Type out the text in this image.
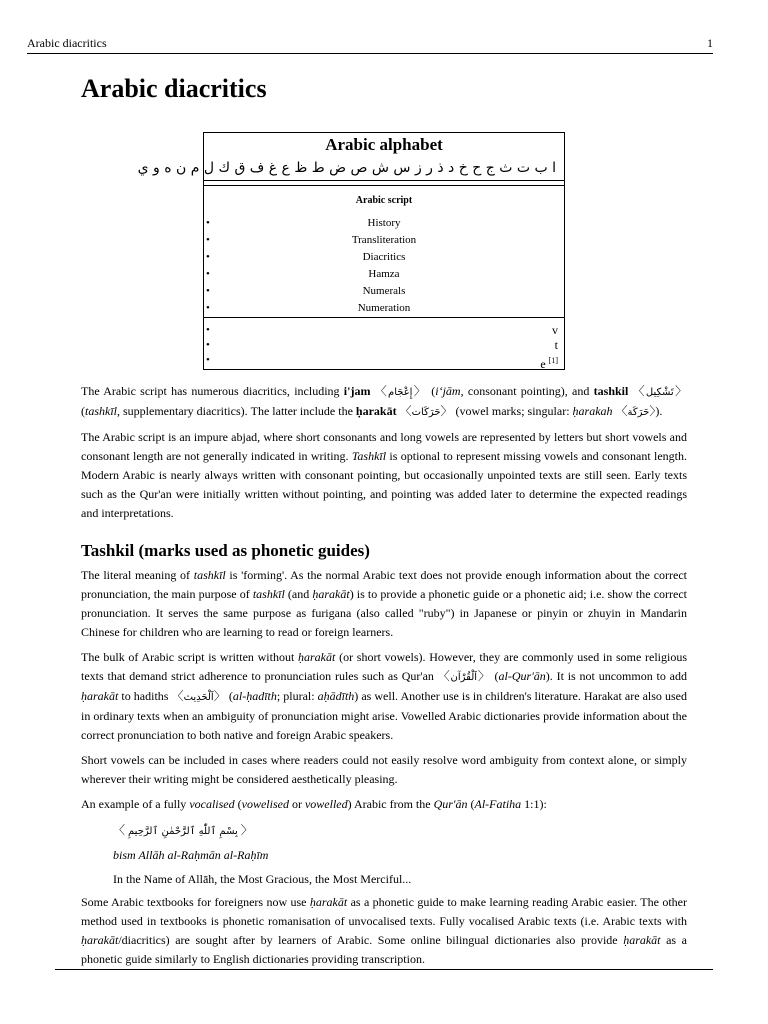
Arabic diacritics	1
Arabic diacritics
Arabic alphabet
ا ب ت ث ج ح خ د ذ ر ز س ش ص ض ط ظ ع غ ف ق ك ل م ن ه و ي
Arabic script
• History
• Transliteration
• Diacritics
• Hamza
• Numerals
• Numeration
• v
• t
• e [1]

The Arabic script has numerous diacritics, including i'jam 〈إِعْجَام〉 (i‘jām, consonant pointing), and tashkil 〈تَشْكِيل〉 (tashkīl, supplementary diacritics). The latter include the ḥarakāt 〈حَرَكَات〉 (vowel marks; singular: ḥarakah 〈حَرَكَة〉).

The Arabic script is an impure abjad, where short consonants and long vowels are represented by letters but short vowels and consonant length are not generally indicated in writing. Tashkīl is optional to represent missing vowels and consonant length. Modern Arabic is nearly always written with consonant pointing, but occasionally unpointed texts are still seen. Early texts such as the Qur'an were initially written without pointing, and pointing was added later to determine the expected readings and interpretations.

Tashkil (marks used as phonetic guides)

The literal meaning of tashkīl is 'forming'. As the normal Arabic text does not provide enough information about the correct pronunciation, the main purpose of tashkīl (and ḥarakāt) is to provide a phonetic guide or a phonetic aid; i.e. show the correct pronunciation. It serves the same purpose as furigana (also called "ruby") in Japanese or pinyin or zhuyin in Mandarin Chinese for children who are learning to read or foreign learners.

The bulk of Arabic script is written without ḥarakāt (or short vowels). However, they are commonly used in some religious texts that demand strict adherence to pronunciation rules such as Qur'an 〈اَلْقُرْآن〉 (al-Qur'ān). It is not uncommon to add ḥarakāt to hadiths 〈اَلْحَدِيث〉 (al-ḥadīth; plural: aḥādīth) as well. Another use is in children's literature. Harakat are also used in ordinary texts when an ambiguity of pronunciation might arise. Vowelled Arabic dictionaries provide information about the correct pronunciation to both native and foreign Arabic speakers.

Short vowels can be included in cases where readers could not easily resolve word ambiguity from context alone, or simply wherever their writing might be considered aesthetically pleasing.

An example of a fully vocalised (vowelised or vowelled) Arabic from the Qur'ān (Al-Fatiha 1:1):

〈 بِسْمِ ٱللّٰهِ ٱلرَّحْمٰنِ ٱلرَّحِيمِ 〉
bism Allāh al-Raḥmān al-Raḥīm
In the Name of Allāh, the Most Gracious, the Most Merciful...

Some Arabic textbooks for foreigners now use ḥarakāt as a phonetic guide to make learning reading Arabic easier. The other method used in textbooks is phonetic romanisation of unvocalised texts. Fully vocalised Arabic texts (i.e. Arabic texts with ḥarakāt/diacritics) are sought after by learners of Arabic. Some online bilingual dictionaries also provide ḥarakāt as a phonetic guide similarly to English dictionaries providing transcription.
